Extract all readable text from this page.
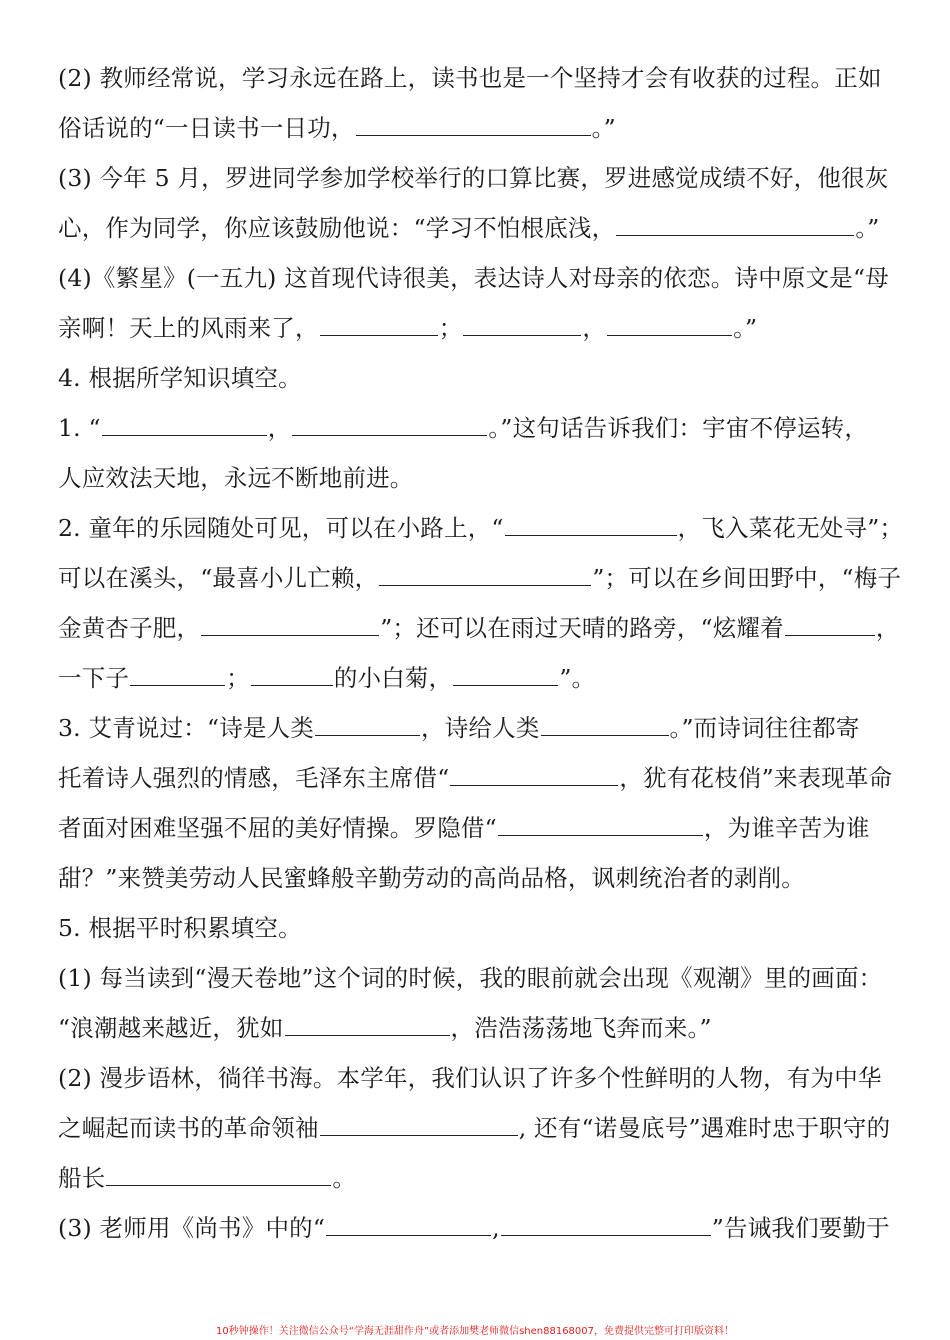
(2) 教师经常说，学习永远在路上，读书也是一个坚持才会有收获的过程。正如
俗话说的“一日读书一日功，	。”
(3) 今年 5 月，罗进同学参加学校举行的口算比赛，罗进感觉成绩不好，他很灰
心，作为同学，你应该鼓励他说：“学习不怕根底浅，	。”
(4)《繁星》(一五九) 这首现代诗很美，表达诗人对母亲的依恋。诗中原文是“母
亲啊！天上的风雨来了，	；	，	。”
4. 根据所学知识填空。
1. “	，	。”这句话告诉我们：宇宙不停运转，
人应效法天地，永远不断地前进。
2. 童年的乐园随处可见，可以在小路上，“	，飞入菜花无处寻”；
可以在溪头，“最喜小儿亡赖，	”；可以在乡间田野中，“梅子
金黄杏子肥，	”；还可以在雨过天晴的路旁，“炫耀着	，
一下子	；	的小白菊，	”。
3. 艾青说过：“诗是人类	，诗给人类	。”而诗词往往都寄
托着诗人强烈的情感，毛泽东主席借“	，犹有花枝俏”来表现革命
者面对困难坚强不屈的美好情操。罗隐借“	，为谁辛苦为谁
甜？”来赞美劳动人民蜜蜂般辛勤劳动的高尚品格，讽刺统治者的剥削。
5. 根据平时积累填空。
(1) 每当读到“漫天卷地”这个词的时候，我的眼前就会出现《观潮》里的画面：
“浪潮越来越近，犹如	，浩浩荡荡地飞奔而来。”
(2) 漫步语林，徜徉书海。本学年，我们认识了许多个性鲜明的人物，有为中华
之崛起而读书的革命领袖	, 还有“诺曼底号”遇难时忠于职守的
船长	。
(3) 老师用《尚书》中的“	,	”告诫我们要勤于
10秒钟操作！关注微信公众号“学海无涯甜作舟”或者添加樊老师微信shen88168007，免费提供完整可打印版资料！
